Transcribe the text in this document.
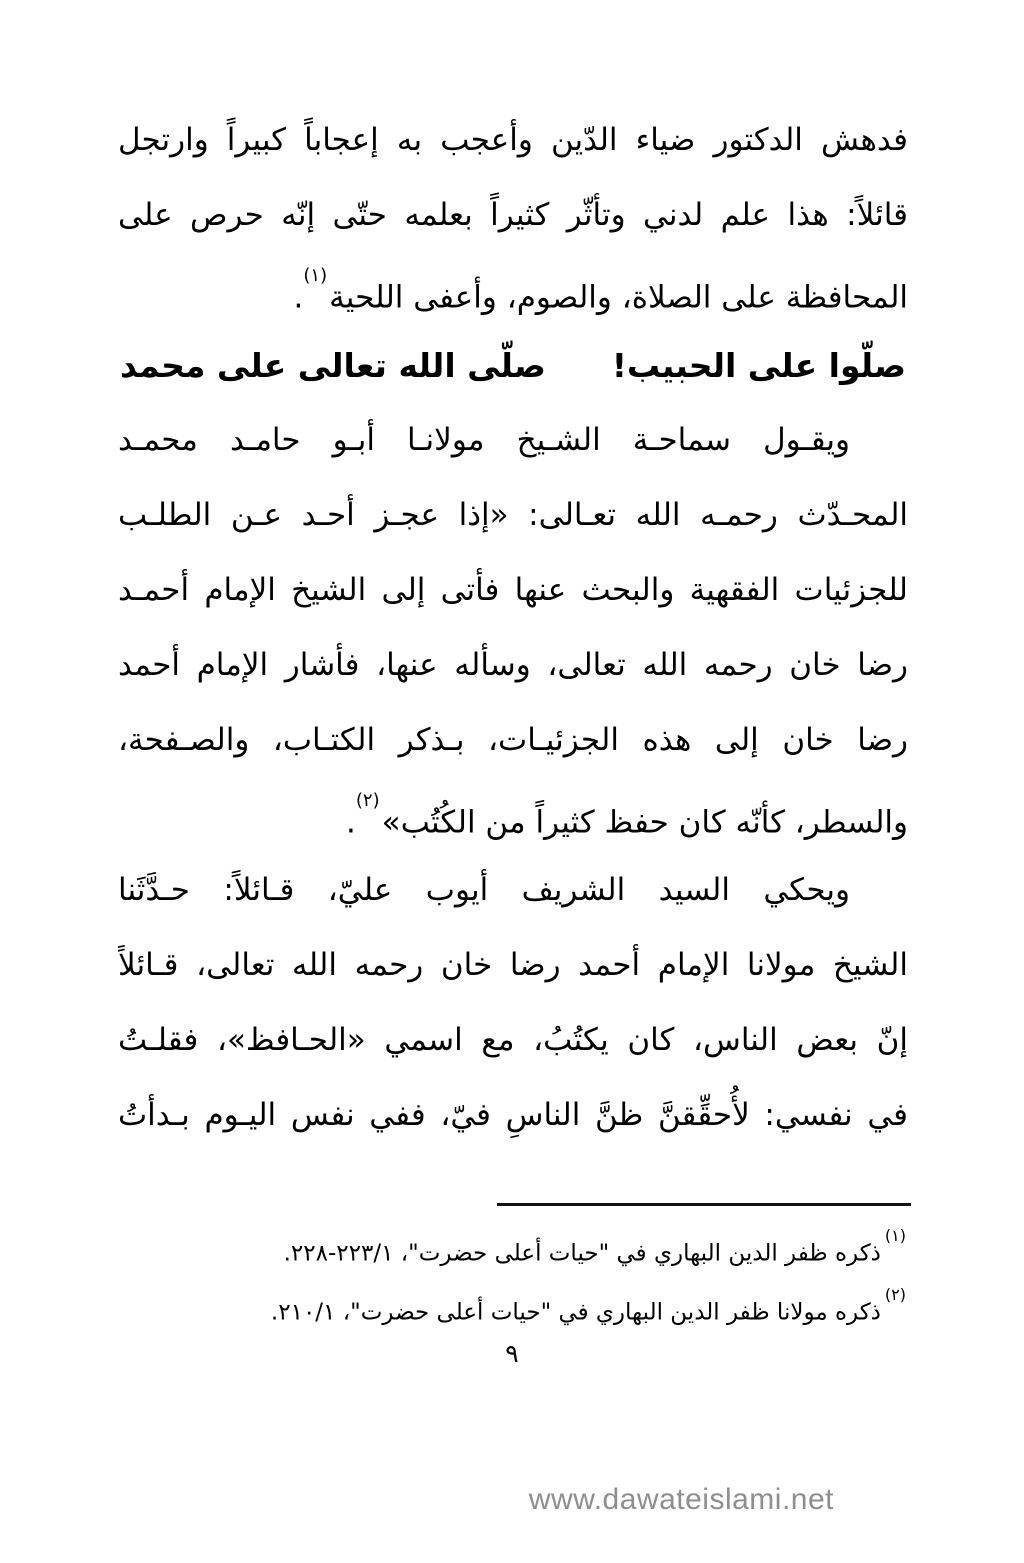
فدهش الدكتور ضياء الدّين وأعجب به إعجاباً كبيراً وارتجل
قائلاً: هذا علم لدني وتأثّر كثيراً بعلمه حتّى إنّه حرص على
المحافظة على الصلاة، والصوم، وأعفى اللحية$^{(١)}$.
صلّوا على الحبيب!  صلّى الله تعالى على محمد
ويقـول سماحـة الشـيخ مولانـا أبـو حامـد محمـد
المحـدّث رحمـه الله تعـالى: «إذا عجـز أحـد عـن الطلـب
للجزئيات الفقهية والبحث عنها فأتى إلى الشيخ الإمام أحمـد
رضا خان رحمه الله تعالى، وسأله عنها، فأشار الإمام أحمد
رضا خان إلى هذه الجزئيـات، بـذكر الكتـاب، والصـفحة،
والسطر، كأنّه كان حفظ كثيراً من الكُتُب»$^{(٢)}$.
ويحكي السيد الشريف أيوب عليّ، قـائلاً: حـدَّثَنا
الشيخ مولانا الإمام أحمد رضا خان رحمه الله تعالى، قـائلاً
إنّ بعض الناس، كان يكتُبُ، مع اسمي «الحـافظ»، فقلـتُ
في نفسي: لأُحقِّقنَّ ظنَّ الناسِ فيّ، ففي نفس اليـوم بـدأتُ
$^{(١)}$ذكره ظفر الدين البهاري في "حيات أعلى حضرت"، ٢٢٣/١-٢٢٨.
$^{(٢)}$ذكره مولانا ظفر الدين البهاري في "حيات أعلى حضرت"، ٢١٠/١.
٩
www.dawateislami.net
